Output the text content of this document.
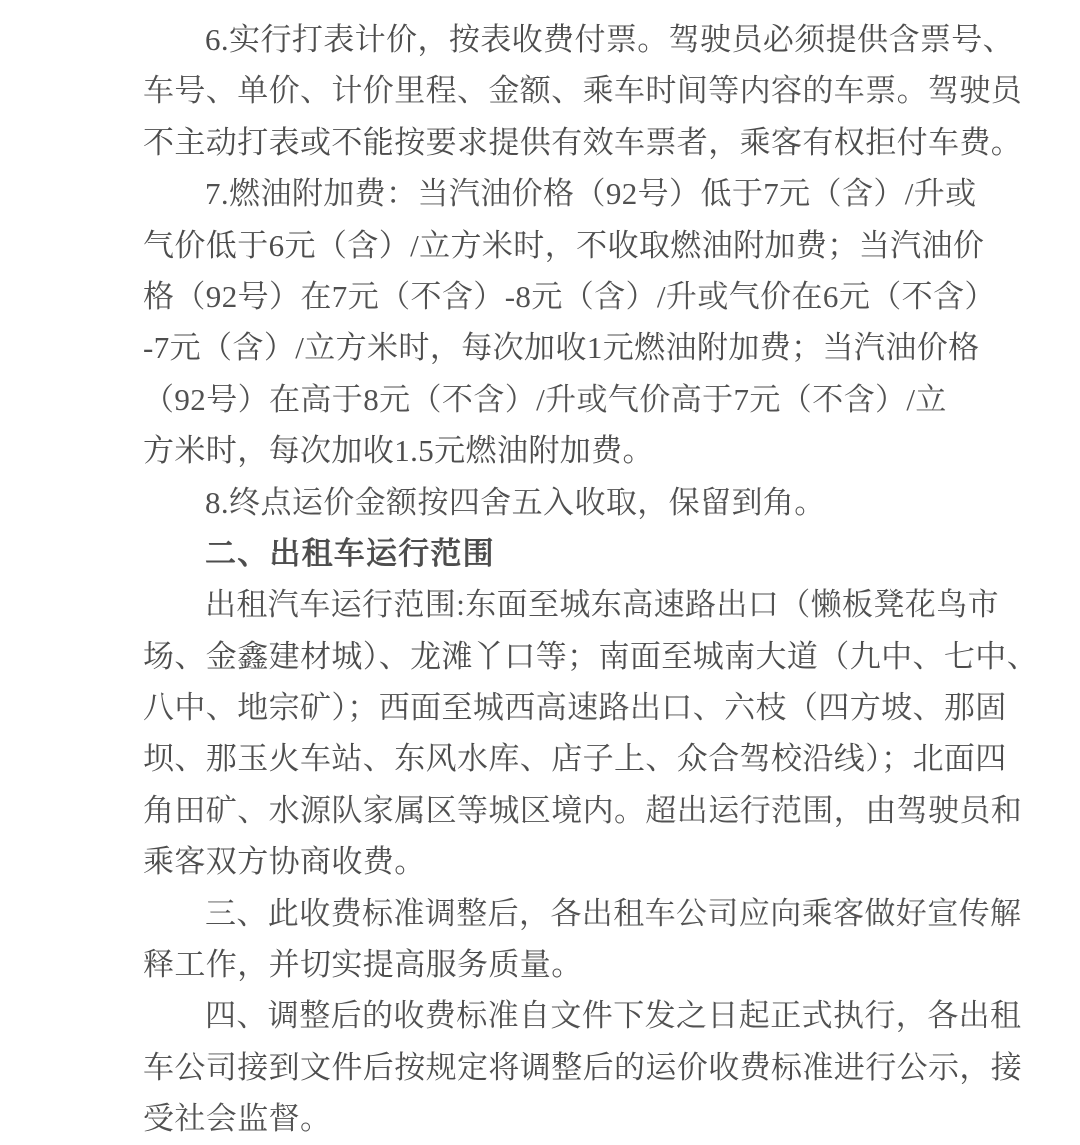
6.实行打表计价，按表收费付票。驾驶员必须提供含票号、
车号、单价、计价里程、金额、乘车时间等内容的车票。驾驶员
不主动打表或不能按要求提供有效车票者，乘客有权拒付车费。
7.燃油附加费：当汽油价格（92号）低于7元（含）/升或
气价低于6元（含）/立方米时，不收取燃油附加费；当汽油价
格（92号）在7元（不含）-8元（含）/升或气价在6元（不含）
-7元（含）/立方米时，每次加收1元燃油附加费；当汽油价格
（92号）在高于8元（不含）/升或气价高于7元（不含）/立
方米时，每次加收1.5元燃油附加费。
8.终点运价金额按四舍五入收取，保留到角。
二、出租车运行范围
出租汽车运行范围:东面至城东高速路出口（懒板凳花鸟市
场、金鑫建材城）、龙滩丫口等；南面至城南大道（九中、七中、
八中、地宗矿）；西面至城西高速路出口、六枝（四方坡、那固
坝、那玉火车站、东风水库、店子上、众合驾校沿线）；北面四
角田矿、水源队家属区等城区境内。超出运行范围，由驾驶员和
乘客双方协商收费。
三、此收费标准调整后，各出租车公司应向乘客做好宣传解
释工作，并切实提高服务质量。
四、调整后的收费标准自文件下发之日起正式执行，各出租
车公司接到文件后按规定将调整后的运价收费标准进行公示，接
受社会监督。
